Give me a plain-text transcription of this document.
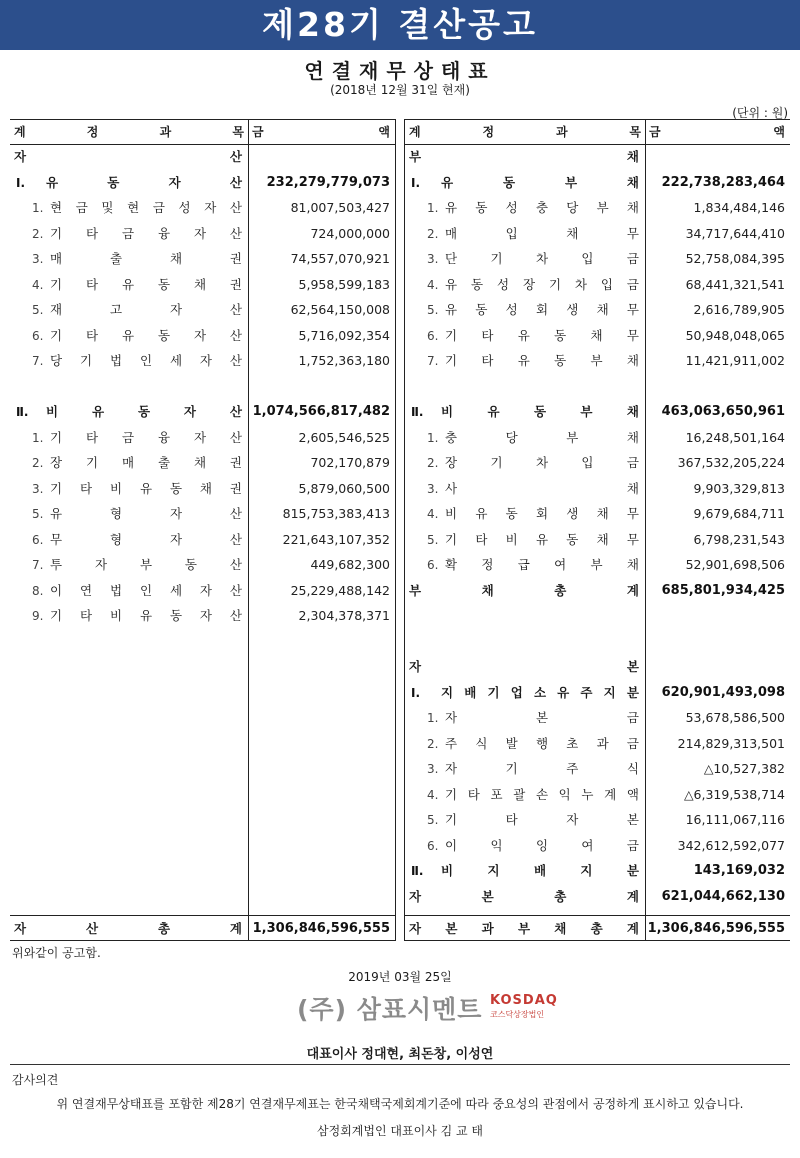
제28기 결산공고
연결재무상태표
(2018년 12월 31일 현재)
(단위 : 원)
계	정	과	목 금	액
자	산
Ⅰ.	유	동	자	산 232,279,779,073
1. 현 금 및 현 금 성 자 산	81,007,503,427
2. 기 타 금 융 자 산	724,000,000
3. 매	출	채	권	74,557,070,921
4. 기 타 유 동 채 권	5,958,599,183
5. 재	고	자	산	62,564,150,008
6. 기 타 유 동 자 산	5,716,092,354
7. 당 기 법 인 세 자 산	1,752,363,180
Ⅱ.	비	유	동	자	산 1,074,566,817,482
1. 기 타 금 융 자 산	2,605,546,525
2. 장 기 매 출 채 권	702,170,879
3. 기 타 비 유 동 채 권	5,879,060,500
5. 유	형	자	산	815,753,383,413
6. 무	형	자	산	221,643,107,352
7. 투	자	부	동	산	449,682,300
8. 이 연 법 인 세 자 산	25,229,488,142
9. 기 타 비 유 동 자 산	2,304,378,371
자	산	총	계 1,306,846,596,555
계	정	과	목 금	액
부	채
Ⅰ.	유	동	부	채 222,738,283,464
1. 유 동 성 충 당 부 채	1,834,484,146
2. 매	입	채	무	34,717,644,410
3. 단	기	차	입	금	52,758,084,395
4. 유 동 성 장 기 차 입 금	68,441,321,541
5. 유 동 성 회 생 채 무	2,616,789,905
6. 기 타 유 동 채 무	50,948,048,065
7. 기 타 유 동 부 채	11,421,911,002
Ⅱ.	비	유	동	부	채 463,063,650,961
1. 충	당	부	채	16,248,501,164
2. 장	기	차	입	금	367,532,205,224
3. 사	채	9,903,329,813
4. 비 유 동 회 생 채 무	9,679,684,711
5. 기 타 비 유 동 채 무	6,798,231,543
6. 확 정 급 여 부 채	52,901,698,506
부	채	총	계 685,801,934,425
자	본
Ⅰ.	지 배 기 업 소 유 주 지 분 620,901,493,098
1. 자	본	금	53,678,586,500
2. 주 식 발 행 초 과 금	214,829,313,501
3. 자	기	주	식	△10,527,382
4. 기 타 포 괄 손 익 누 계 액	△6,319,538,714
5. 기	타	자	본	16,111,067,116
6. 이	익	잉	여	금	342,612,592,077
Ⅱ.	비	지	배	지	분	143,169,032
자	본	총	계 621,044,662,130
자 본 과 부 채 총 계 1,306,846,596,555
위와같이 공고함.
2019년 03월 25일
(주) 삼표시멘트 KOSDAQ
코스닥상장법인
대표이사 정대현, 최돈창, 이성연
감사의견
위 연결재무상태표를 포함한 제28기 연결재무제표는 한국채택국제회계기준에 따라 중요성의 관점에서 공정하게 표시하고 있습니다.
삼정회계법인 대표이사 김 교 태
